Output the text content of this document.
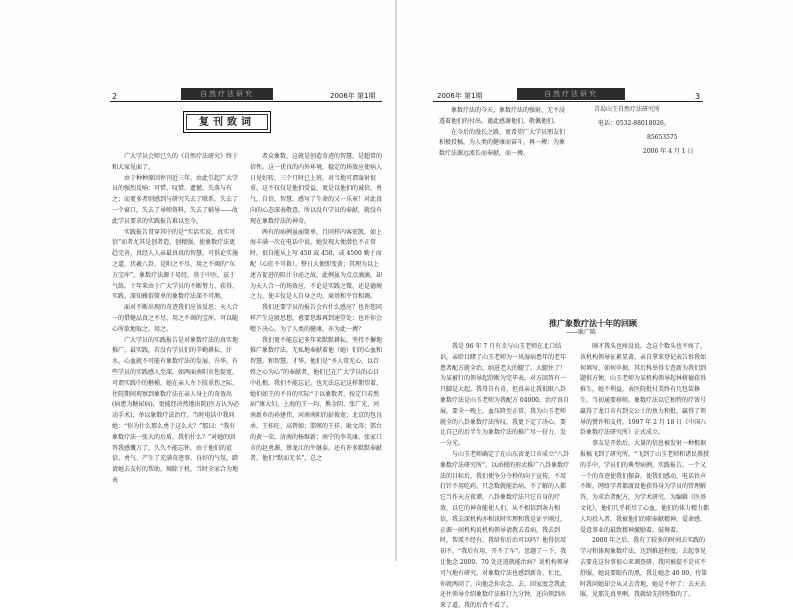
2	自然疗法研究	2006年 第1期
复刊致词

广大学员会师已久的《自然疗法研究》终于和大家见面了。

由于种种原因停刊近三年，由此引起广大学员的强烈反响：可惜、叹惜、遗憾、失落与有之；而更多者则感到与研究失去了联系，失去了一个窗口，失去了导师资料，失去了辅导——故此学员要求的实践报告难以至今。

实践报告贯穿其中的是“实话实说，真实可信”而者尤其是创者造、创精强、使象数疗法更趋完善，真经人人亲最真真的智慧，可供论实施之道，伏羲八卦、是阳之不尽，用之不竭的“东方宝库”，象数疗法源于易经，基于中医，兹于气练。十年来由于广大学员的不断努力、获得、实践、深知雅俗简单的象数疗法深不可测。

面对不断出现的奇迹我们应该反思：天人合一的借健品真之不尽，用之不竭的宝库，可以随心所欲地取之，用之。

广大学员的实践报告是对象数疗法的真实地推广、最实践，若没有学员们的辛勤耕耘、汗水，心血就不可能有象数疗法的发展、升华。有些学员的实践感人至深，如两面南阳市您提宽，可谓实践中的楷模，她在亲人左下肢重伤之际、住院期间观察到象数疗法在亲人身上的奇效出(病患为糖尿病)，更能经决然地出院(医方认为必动手术)，单以象数疗法治疗。当时电话中我问她：“你为什么那么勇于这么大？”那曰：“我有象数疗法一张大的后盾，我怕什么？”对她的回答我感慨万了，久久不能忘怀，由于他们的谊信、勇气、产生了充满奇迹事、良好的气氛，踏请她去友好的帮助，辣除于机。当时全家合为地表

者众象数，这就是创造奇迹的智慧，是超常的信性。这一优良的内外环境，稳定的场效应使病人日见好转，三个月时已上班。对当地可谓轰射很重。这不仅仅是他们受益，更是以他们的诚信、勇气，自信、智慧，感写了生命的又一乐章！对此真向的心态深表敬意，所以没有学员的奉献，就没有现在象数疗法的神奇。

两有的病例虽丽简单，且同样内客宏凯，如上海丰满一次在电话中说，她发现大便潜色不正常时，很自能从上写 450 或 450，或 4500 勤于而配（心肛不可救）。整日大便即变黄；其理为以上述方促进的阻汁分泌之故，此例虽为点点滴滴，却为天人合一的场效应，不论是实践之微，还是德规之力，使丰仪是人自身之功，商基和平宫相调。

我们还要学员的报告会有什么感应？也许您同样产生这般思想，愈要思维再到速堂处；也许你会嗯下决心，为了人类的健康，亦为此一搏？

我们更不能忘记多年来默默耕耘，坚持不懈地推广象数疗法，无私地奉献着他（她）们的心血和智慧，和智慧，才华。他们是“圣人常无心，以百姓之心为心”的奉献者，他们已在广大学员的心目中扎根，我们不能忘记。也无法忘记这样期望着、她们如王的不肯的实际“于以象数者，按定口若然病”康大妇，上海的王一均、熊金阴、张广光，河南新乡的孙建伟、河南南阳的彭俊宽；北京的包良承、王桂旺、高碧如；邯郸的王祥、耿文涛；邯台的黄一荣，济南的杨维新；南宁的李英康、张家口市的赵勇源、蔡龙江的牛继泰。还有许多默默奉献者，他们“默而无名”，总之

2006年 第1期	自然疗法研究	3

象数疗法的今天，象数疗法的强射，无不浸透着他们的付出，谨此感谢他们，敬佩他们。

在今后的漫长之路，更希望广大学员朋友们积极投稿，为人类的健康而奋斗，再一搏：为象数疗法源远流长而奉献，而一搏。

青岛山王自然疗法研究所
电话：0532-88018026。
85653575
2006 年 4 月 1 日
推广象数疗法十年的回顾
——耿广陈

我是 96 年 7 月有幸与山玉老师在北口结识，亲聆目睹了山玉老师为一风湿病患年的老年患者配方就全治，纳进老大的腿了，大腿往了！为某被行的领导起舒断为完毕表。对方回答有一只脚是大起。我母自有奇，但真亲让我很限八卦象数疗法是山玉老师为我配方 04000，治疗真自展。要全一晚上，血压降至正常，我为山玉老师就全的八卦象数疗法所叹，我更下定了决心，要让自己的后半生为象数疗法的推广尽一份力，发一分光。

与山玉老师确定了在山东省龙口市成立“八卦象数疗法研究所”，以函授的形式推广八卦象数疗法的目标后，我们便争分夺秒的向于宣传，不用打针不用吃药，只念数就能治病，不了解的人都它当作天方夜谭，八卦象数疗法只它自身的疗效，以它的神奇能使人们，从不相信到条力相信，我去深机构亦相讯时实理和我是证平刚过，正源一间机构说机构领导请教去看病，我去到时，帮派不经有，我给你后治可以吗？他得信用初不，“我后有用，开不了车”。思题了一下，我让他念 2000、70 处还返就能治病？说机构领导可气地有研究，对象数疗法也感到新奇，忙比，你就两问了，向他念你农念，去，回家度念我此还往领导介绍象数疗法推行九分钟，还向领到出来了道。我的后背不看了。

刚才我头也疼没说，念这个数头也不疼了，该机构领导征累显著，亲自拿来登记表告诉我如何填写，如何申据，其后科举得专查新为我们到题供方便，山玉老师为某机构领导起林树德获得推生，她不利益，表医院批付美终有几包装修生，当初通要移师，象数疗法以它独特的疗效号赢得了龙口市有到交公士的鱼力和批，赢得了领导的赞许和支持。1997 年 2 月 18 日《中国八卦象数疗法研究所》正式成立。

事友是开始后，大量的信息被发射一种根据报稿飞到了研究所，“飞到了山玉老师和诸民教授的手中，学员们的典型病例，实践报告，一个又一个的奇迹使我们振奋，使我们感动，电话铃声不断，网络学者都渡设他获得身为学员的管理解答，为求治者配方，为学术研究，为编辑《医基文化》，他们几乎耗尽了心血，他们的体力精力都人均投入者，我被他们的职奉献精神，爱命感、爱意事业的最致精神激励着。鼓舞着。

2000 年之后，我有了较多的时间去实践的学习和体现象数疗法，达到推进程度，去起事见去要花这份事很心来调查研。我同被提不是宾不舒服，她说要眼有的黑，我让她念 40 00，待第时我问她却会从又去背地，她是不停了：去天衣服，见那先真里啊，我就给先削签数的了。
